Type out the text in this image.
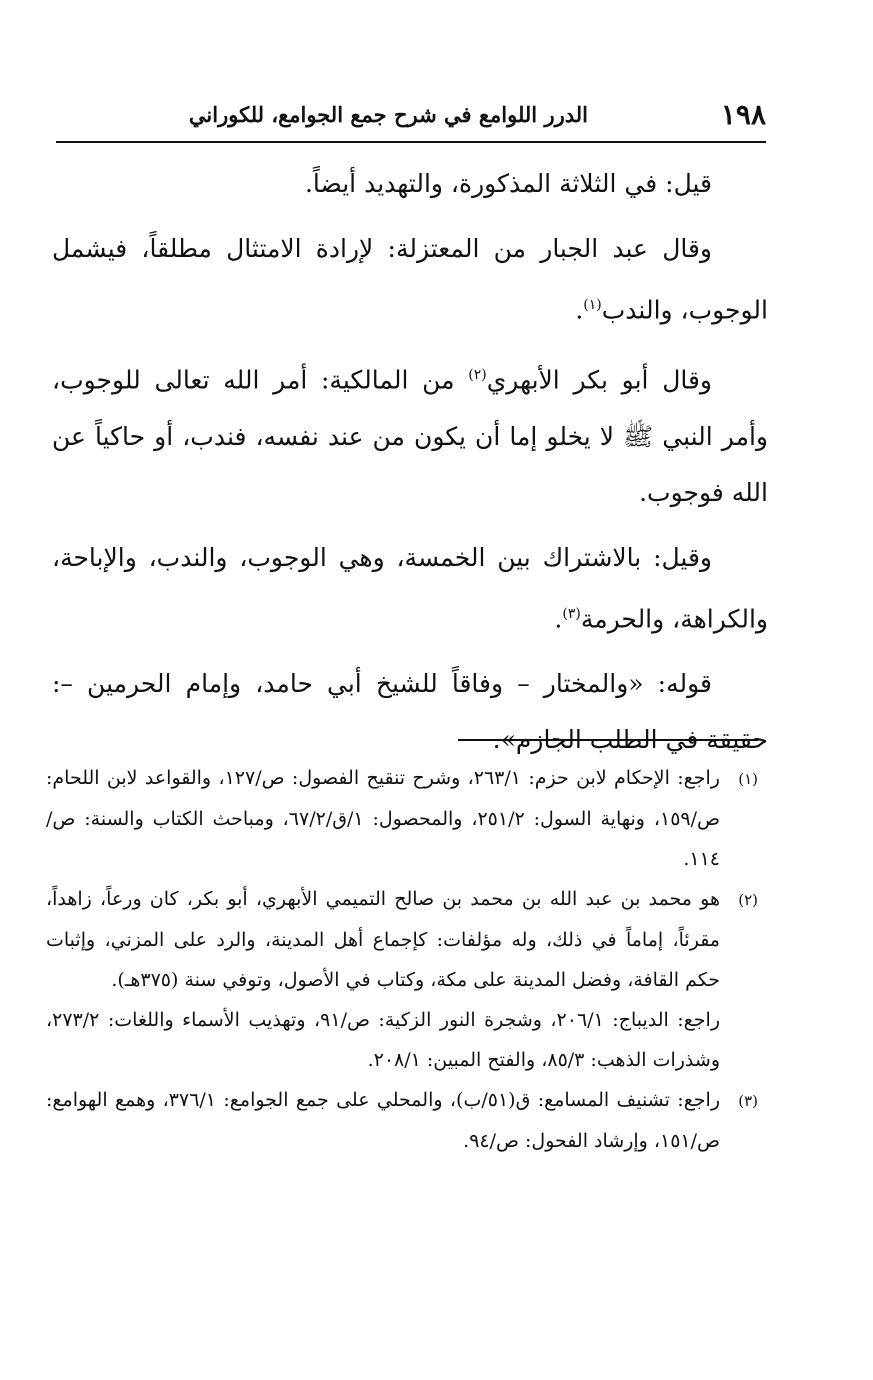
١٩٨
الدرر اللوامع في شرح جمع الجوامع، للكوراني

قيل: في الثلاثة المذكورة، والتهديد أيضاً.

وقال عبد الجبار من المعتزلة: لإرادة الامتثال مطلقاً، فيشمل الوجوب، والندب$^{(١)}$.

وقال أبو بكر الأبهري$^{(٢)}$ من المالكية: أمر الله تعالى للوجوب، وأمر النبي ﷺ لا يخلو إما أن يكون من عند نفسه، فندب، أو حاكياً عن الله فوجوب.

وقيل: بالاشتراك بين الخمسة، وهي الوجوب، والندب، والإباحة، والكراهة، والحرمة$^{(٣)}$.

قوله: «والمختار – وفاقاً للشيخ أبي حامد، وإمام الحرمين –: حقيقة في الطلب الجازم».

(١)راجع: الإحكام لابن حزم: ٢٦٣/١، وشرح تنقيح الفصول: ص/١٢٧، والقواعد لابن اللحام: ص/١٥٩، ونهاية السول: ٢٥١/٢، والمحصول: ١/ق/٦٧/٢، ومباحث الكتاب والسنة: ص/١١٤.

(٢)هو محمد بن عبد الله بن محمد بن صالح التميمي الأبهري، أبو بكر، كان ورعاً، زاهداً، مقرئاً، إماماً في ذلك، وله مؤلفات: كإجماع أهل المدينة، والرد على المزني، وإثبات حكم القافة، وفضل المدينة على مكة، وكتاب في الأصول، وتوفي سنة (٣٧٥هـ).

راجع: الديباج: ٢٠٦/١، وشجرة النور الزكية: ص/٩١، وتهذيب الأسماء واللغات: ٢٧٣/٢، وشذرات الذهب: ٨٥/٣، والفتح المبين: ٢٠٨/١.

(٣)راجع: تشنيف المسامع: ق(٥١/ب)، والمحلي على جمع الجوامع: ٣٧٦/١، وهمع الهوامع: ص/١٥١، وإرشاد الفحول: ص/٩٤.
